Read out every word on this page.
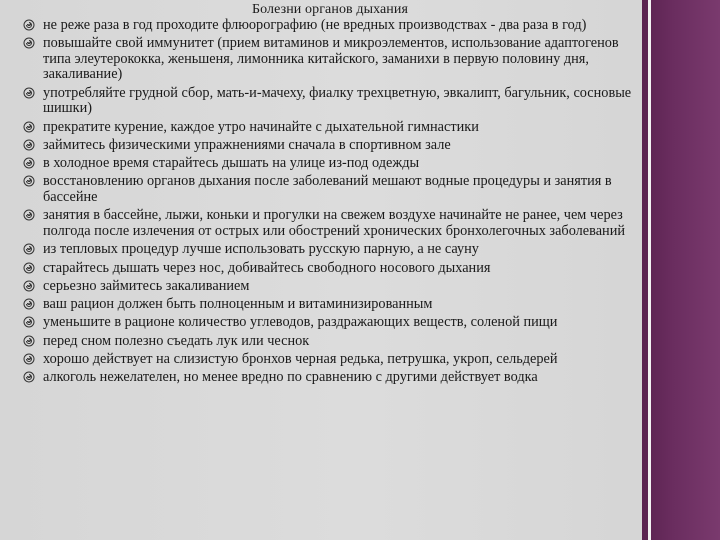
Болезни органов дыхания
не реже раза в год проходите флюорографию (не вредных производствах - два раза в год)
повышайте свой иммунитет (прием витаминов и микроэлементов, использование адаптогенов типа элеутерококка, женьшеня, лимонника китайского, заманихи в первую половину дня, закаливание)
употребляйте грудной сбор, мать-и-мачеху, фиалку трехцветную, эвкалипт, багульник, сосновые шишки)
прекратите курение, каждое утро начинайте с дыхательной гимнастики
займитесь физическими упражнениями сначала в спортивном зале
в холодное время старайтесь дышать на улице из-под одежды
восстановлению органов дыхания после заболеваний мешают водные процедуры и занятия в бассейне
занятия в бассейне, лыжи, коньки и прогулки на свежем воздухе начинайте не ранее, чем через полгода после излечения от острых или обострений хронических бронхолегочных заболеваний
из тепловых процедур лучше использовать русскую парную, а не сауну
старайтесь дышать через нос, добивайтесь свободного носового дыхания
серьезно займитесь закаливанием
ваш рацион должен быть полноценным и витаминизированным
уменьшите в рационе количество углеводов, раздражающих веществ, соленой пищи
перед сном полезно съедать лук или чеснок
хорошо действует на слизистую бронхов черная редька, петрушка, укроп, сельдерей
алкоголь нежелателен, но менее вредно по сравнению с другими действует водка
